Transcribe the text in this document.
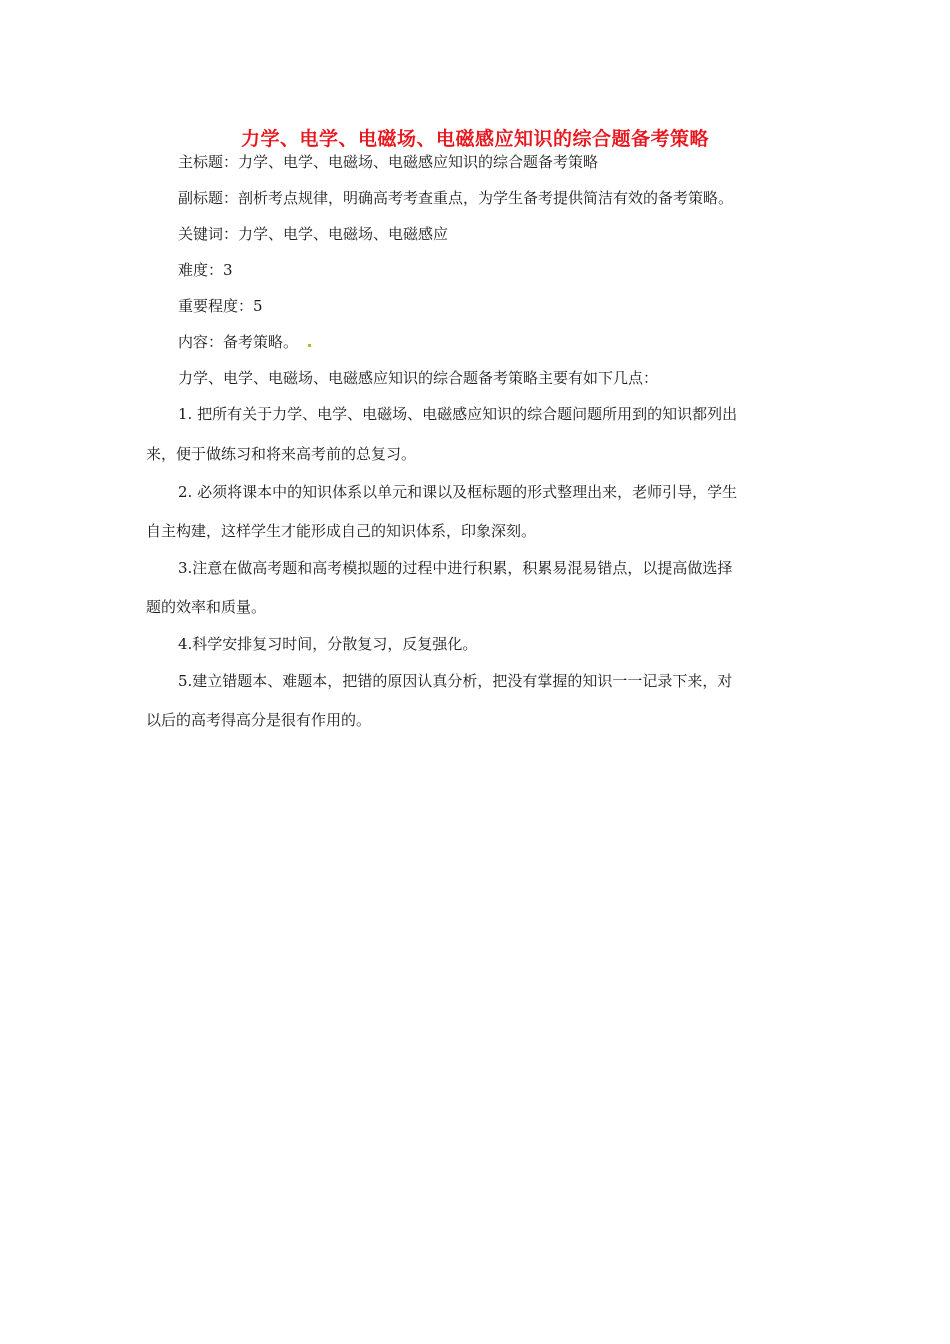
力学、电学、电磁场、电磁感应知识的综合题备考策略
主标题：力学、电学、电磁场、电磁感应知识的综合题备考策略
副标题：剖析考点规律，明确高考考查重点，为学生备考提供简洁有效的备考策略。
关键词：力学、电学、电磁场、电磁感应
难度：3
重要程度：5
内容：备考策略。
力学、电学、电磁场、电磁感应知识的综合题备考策略主要有如下几点：
1. 把所有关于力学、电学、电磁场、电磁感应知识的综合题问题所用到的知识都列出
来，便于做练习和将来高考前的总复习。
2. 必须将课本中的知识体系以单元和课以及框标题的形式整理出来，老师引导，学生
自主构建，这样学生才能形成自己的知识体系，印象深刻。
3.注意在做高考题和高考模拟题的过程中进行积累，积累易混易错点，以提高做选择
题的效率和质量。
4.科学安排复习时间，分散复习，反复强化。
5.建立错题本、难题本，把错的原因认真分析，把没有掌握的知识一一记录下来，对
以后的高考得高分是很有作用的。
